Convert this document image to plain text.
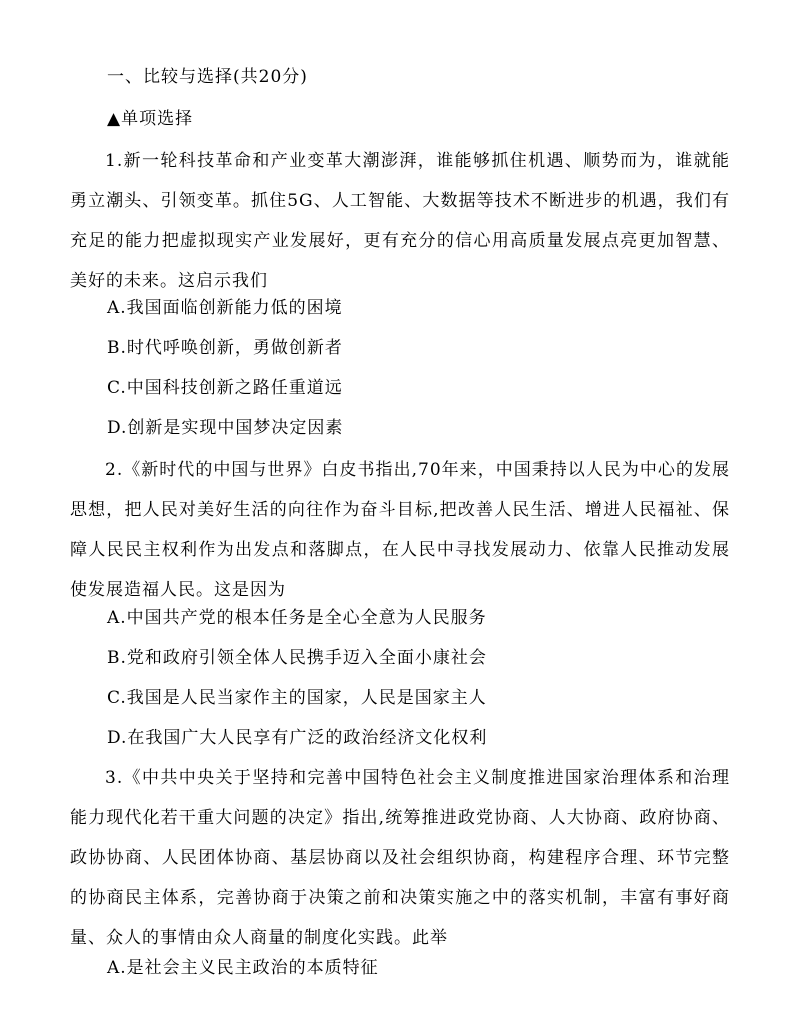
一、比较与选择(共20分)
▲单项选择
1.新一轮科技革命和产业变革大潮澎湃，谁能够抓住机遇、顺势而为，谁就能勇立潮头、引领变革。抓住5G、人工智能、大数据等技术不断进步的机遇，我们有充足的能力把虚拟现实产业发展好，更有充分的信心用高质量发展点亮更加智慧、美好的未来。这启示我们
A.我国面临创新能力低的困境
B.时代呼唤创新，勇做创新者
C.中国科技创新之路任重道远
D.创新是实现中国梦决定因素
2.《新时代的中国与世界》白皮书指出,70年来，中国秉持以人民为中心的发展思想，把人民对美好生活的向往作为奋斗目标,把改善人民生活、增进人民福祉、保障人民民主权利作为出发点和落脚点，在人民中寻找发展动力、依靠人民推动发展使发展造福人民。这是因为
A.中国共产党的根本任务是全心全意为人民服务
B.党和政府引领全体人民携手迈入全面小康社会
C.我国是人民当家作主的国家，人民是国家主人
D.在我国广大人民享有广泛的政治经济文化权利
3.《中共中央关于坚持和完善中国特色社会主义制度推进国家治理体系和治理能力现代化若干重大问题的决定》指出,统筹推进政党协商、人大协商、政府协商、政协协商、人民团体协商、基层协商以及社会组织协商，构建程序合理、环节完整的协商民主体系，完善协商于决策之前和决策实施之中的落实机制，丰富有事好商量、众人的事情由众人商量的制度化实践。此举
A.是社会主义民主政治的本质特征
